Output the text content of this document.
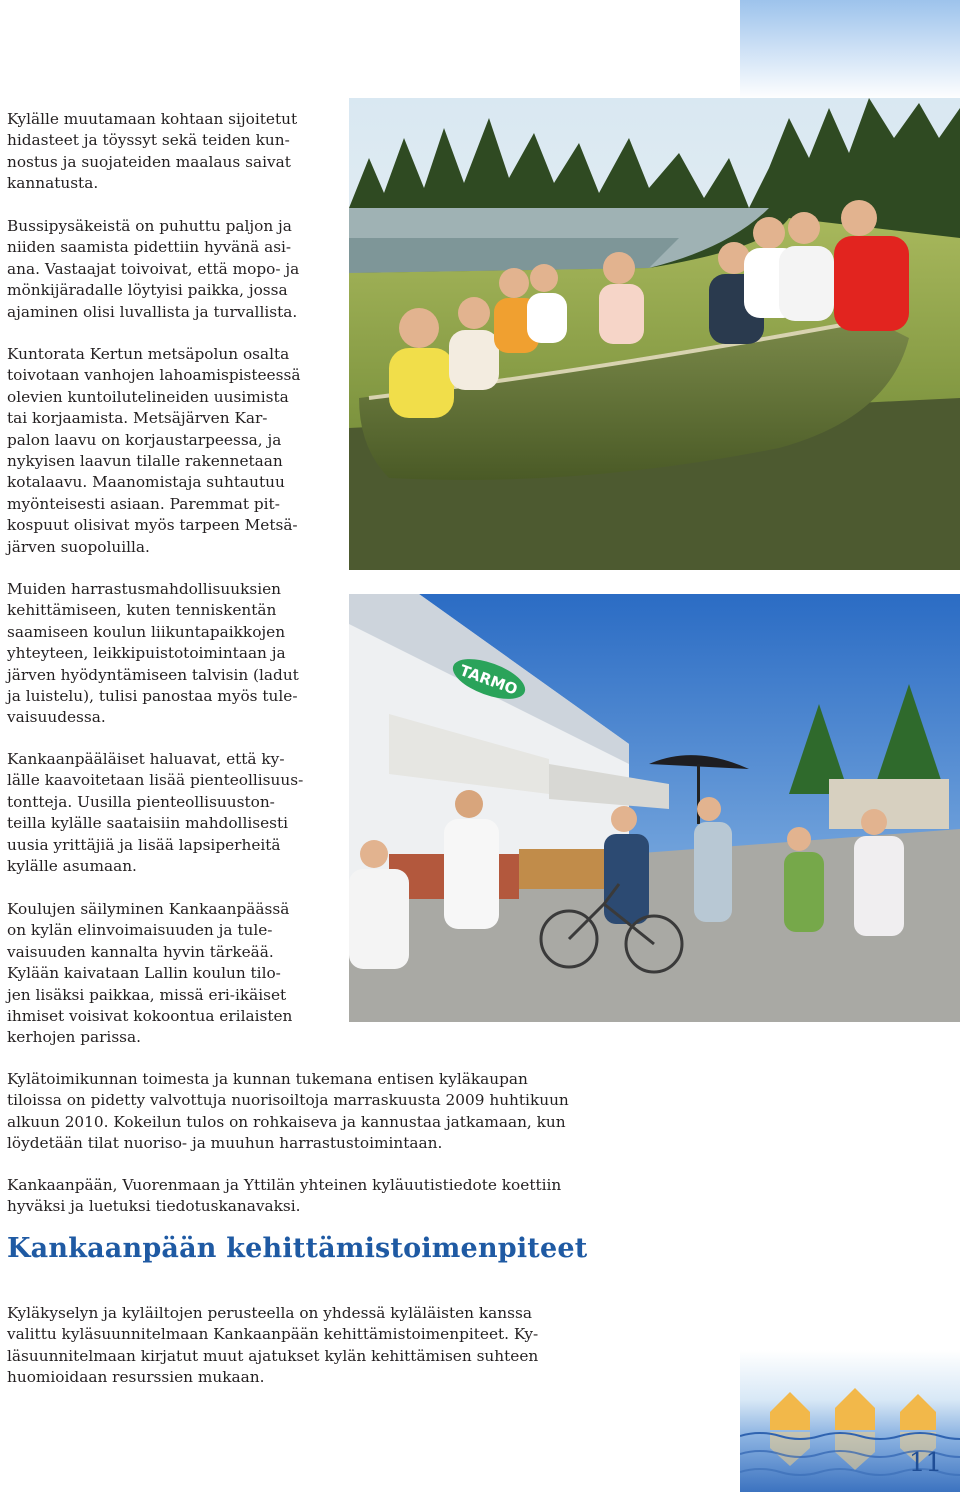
Kylälle muutamaan kohtaan sijoitetut
hidasteet ja töyssyt sekä teiden kun-
nostus ja suojateiden maalaus saivat
kannatusta.

Bussipysäkeistä on puhuttu paljon ja
niiden saamista pidettiin hyvänä asi-
ana. Vastaajat toivoivat, että mopo- ja
mönkijäradalle löytyisi paikka, jossa
ajaminen olisi luvallista ja turvallista.

Kuntorata Kertun metsäpolun osalta
toivotaan vanhojen lahoamispisteessä
olevien kuntoilutelineiden uusimista
tai korjaamista. Metsäjärven Kar-
palon laavu on korjaustarpeessa, ja
nykyisen laavun tilalle rakennetaan
kotalaavu. Maanomistaja suhtautuu
myönteisesti asiaan. Paremmat pit-
kospuut olisivat myös tarpeen Metsä-
järven suopoluilla.

Muiden harrastusmahdollisuuksien
kehittämiseen, kuten tenniskentän
saamiseen koulun liikuntapaikkojen
yhteyteen, leikkipuistotoimintaan ja
järven hyödyntämiseen talvisin (ladut
ja luistelu), tulisi panostaa myös tule-
vaisuudessa.

Kankaanpääläiset haluavat, että ky-
lälle kaavoitetaan lisää pienteollisuus-
tontteja. Uusilla pienteollisuuston-
teilla kylälle saataisiin mahdollisesti
uusia yrittäjiä ja lisää lapsiperheitä
kylälle asumaan.

Koulujen säilyminen Kankaanpäässä
on kylän elinvoimaisuuden ja tule-
vaisuuden kannalta hyvin tärkeää.
Kylään kaivataan Lallin koulun tilo-
jen lisäksi paikkaa, missä eri-ikäiset
ihmiset voisivat kokoontua erilaisten
kerhojen parissa.

Kylätoimikunnan toimesta ja kunnan tukemana entisen kyläkaupan
tiloissa on pidetty valvottuja nuorisoiltoja marraskuusta 2009 huhtikuun
alkuun 2010. Kokeilun tulos on rohkaiseva ja kannustaa jatkamaan, kun
löydetään tilat nuoriso- ja muuhun harrastustoimintaan.

Kankaanpään, Vuorenmaan ja Yttilän yhteinen kyläuutistiedote koettiin
hyväksi ja luetuksi tiedotuskanavaksi.

Kankaanpään kehittämistoimenpiteet

Kyläkyselyn ja kyläiltojen perusteella on yhdessä kyläläisten kanssa
valittu kyläsuunnitelmaan Kankaanpään kehittämistoimenpiteet. Ky-
läsuunnitelmaan kirjatut muut ajatukset kylän kehittämisen suhteen
huomioidaan resurssien mukaan.

TARMO
11
